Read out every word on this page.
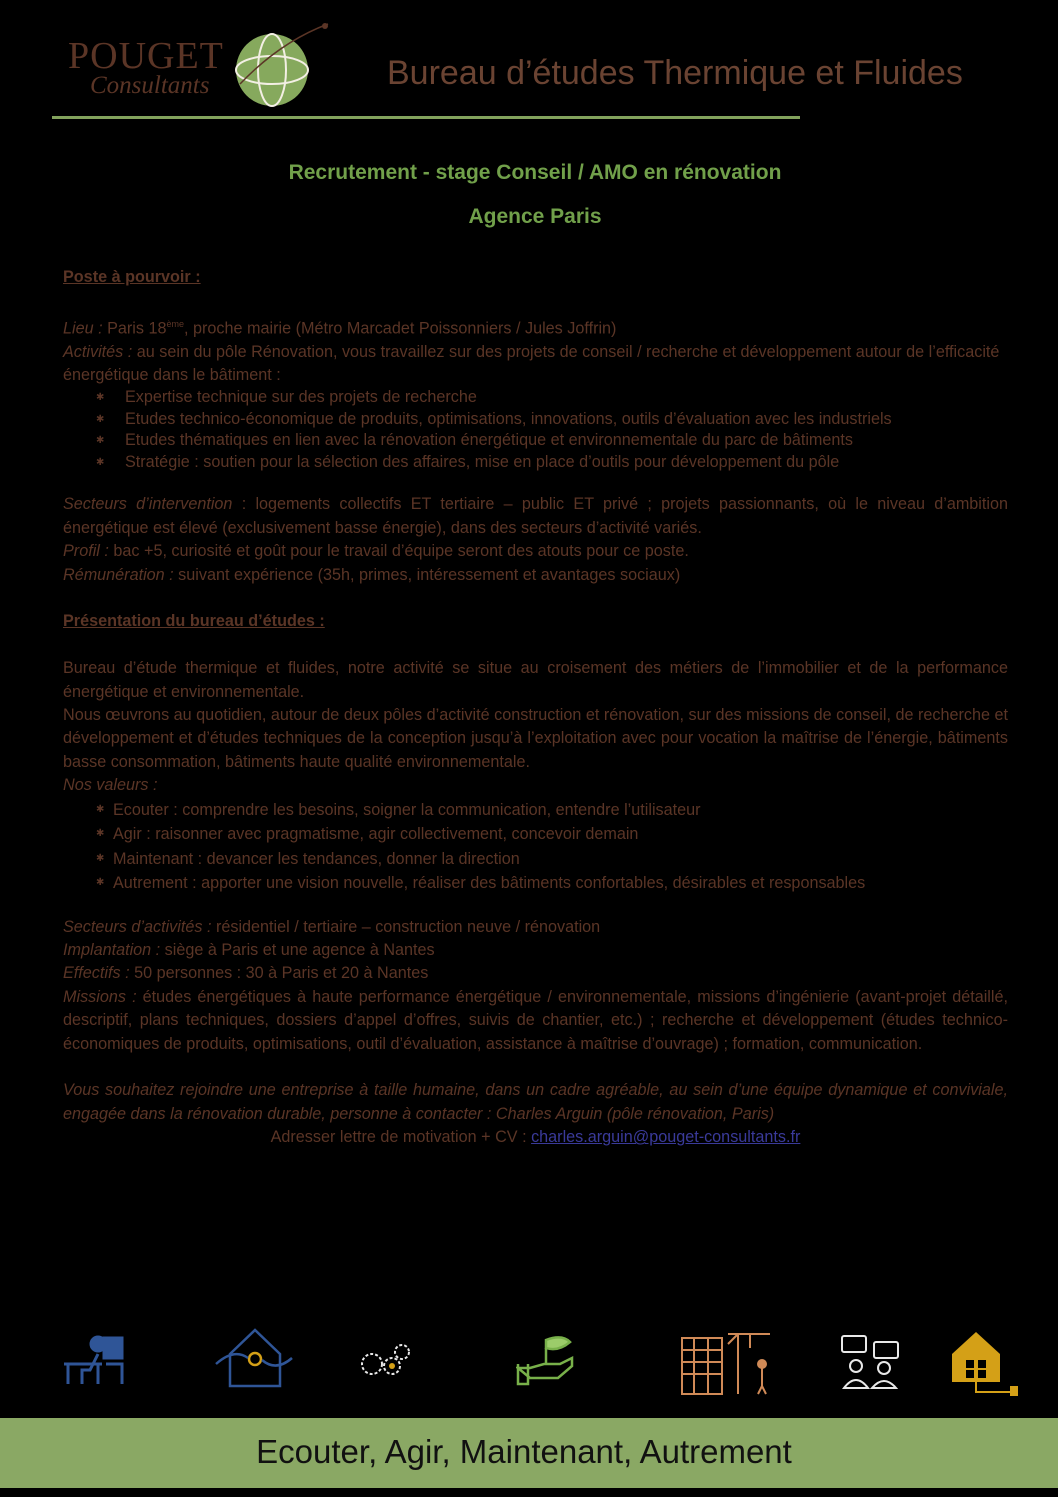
POUGET
Consultants	Bureau d’études Thermique et Fluides
Recrutement - stage Conseil / AMO en rénovation
Agence Paris

Poste à pourvoir :

Lieu : Paris 18ème, proche mairie (Métro Marcadet Poissonniers / Jules Joffrin)

Activités : au sein du pôle Rénovation, vous travaillez sur des projets de conseil / recherche et développement autour de l’efficacité énergétique dans le bâtiment :

✱ Expertise technique sur des projets de recherche
✱ Etudes technico-économique de produits, optimisations, innovations, outils d’évaluation avec les industriels
✱ Etudes thématiques en lien avec la rénovation énergétique et environnementale du parc de bâtiments
✱ Stratégie : soutien pour la sélection des affaires, mise en place d’outils pour développement du pôle

Secteurs d’intervention : logements collectifs ET tertiaire – public ET privé ; projets passionnants, où le niveau d’ambition énergétique est élevé (exclusivement basse énergie), dans des secteurs d’activité variés.

Profil : bac +5, curiosité et goût pour le travail d’équipe seront des atouts pour ce poste.

Rémunération : suivant expérience (35h, primes, intéressement et avantages sociaux)

Présentation du bureau d’études :

Bureau d’étude thermique et fluides, notre activité se situe au croisement des métiers de l’immobilier et de la performance énergétique et environnementale.

Nous œuvrons au quotidien, autour de deux pôles d’activité construction et rénovation, sur des missions de conseil, de recherche et développement et d’études techniques de la conception jusqu’à l’exploitation avec pour vocation la maîtrise de l’énergie, bâtiments basse consommation, bâtiments haute qualité environnementale.

Nos valeurs :

✱ Ecouter : comprendre les besoins, soigner la communication, entendre l’utilisateur
✱ Agir : raisonner avec pragmatisme, agir collectivement, concevoir demain
✱ Maintenant : devancer les tendances, donner la direction
✱ Autrement : apporter une vision nouvelle, réaliser des bâtiments confortables, désirables et responsables

Secteurs d’activités : résidentiel / tertiaire – construction neuve / rénovation

Implantation : siège à Paris et une agence à Nantes

Effectifs : 50 personnes : 30 à Paris et 20 à Nantes

Missions : études énergétiques à haute performance énergétique / environnementale, missions d’ingénierie (avant-projet détaillé, descriptif, plans techniques, dossiers d’appel d’offres, suivis de chantier, etc.) ; recherche et développement (études technico-économiques de produits, optimisations, outil d’évaluation, assistance à maîtrise d’ouvrage) ; formation, communication.

Vous souhaitez rejoindre une entreprise à taille humaine, dans un cadre agréable, au sein d’une équipe dynamique et conviviale, engagée dans la rénovation durable, personne à contacter : Charles Arguin (pôle rénovation, Paris)

Adresser lettre de motivation + CV : charles.arguin@pouget-consultants.fr

Ecouter, Agir, Maintenant, Autrement
